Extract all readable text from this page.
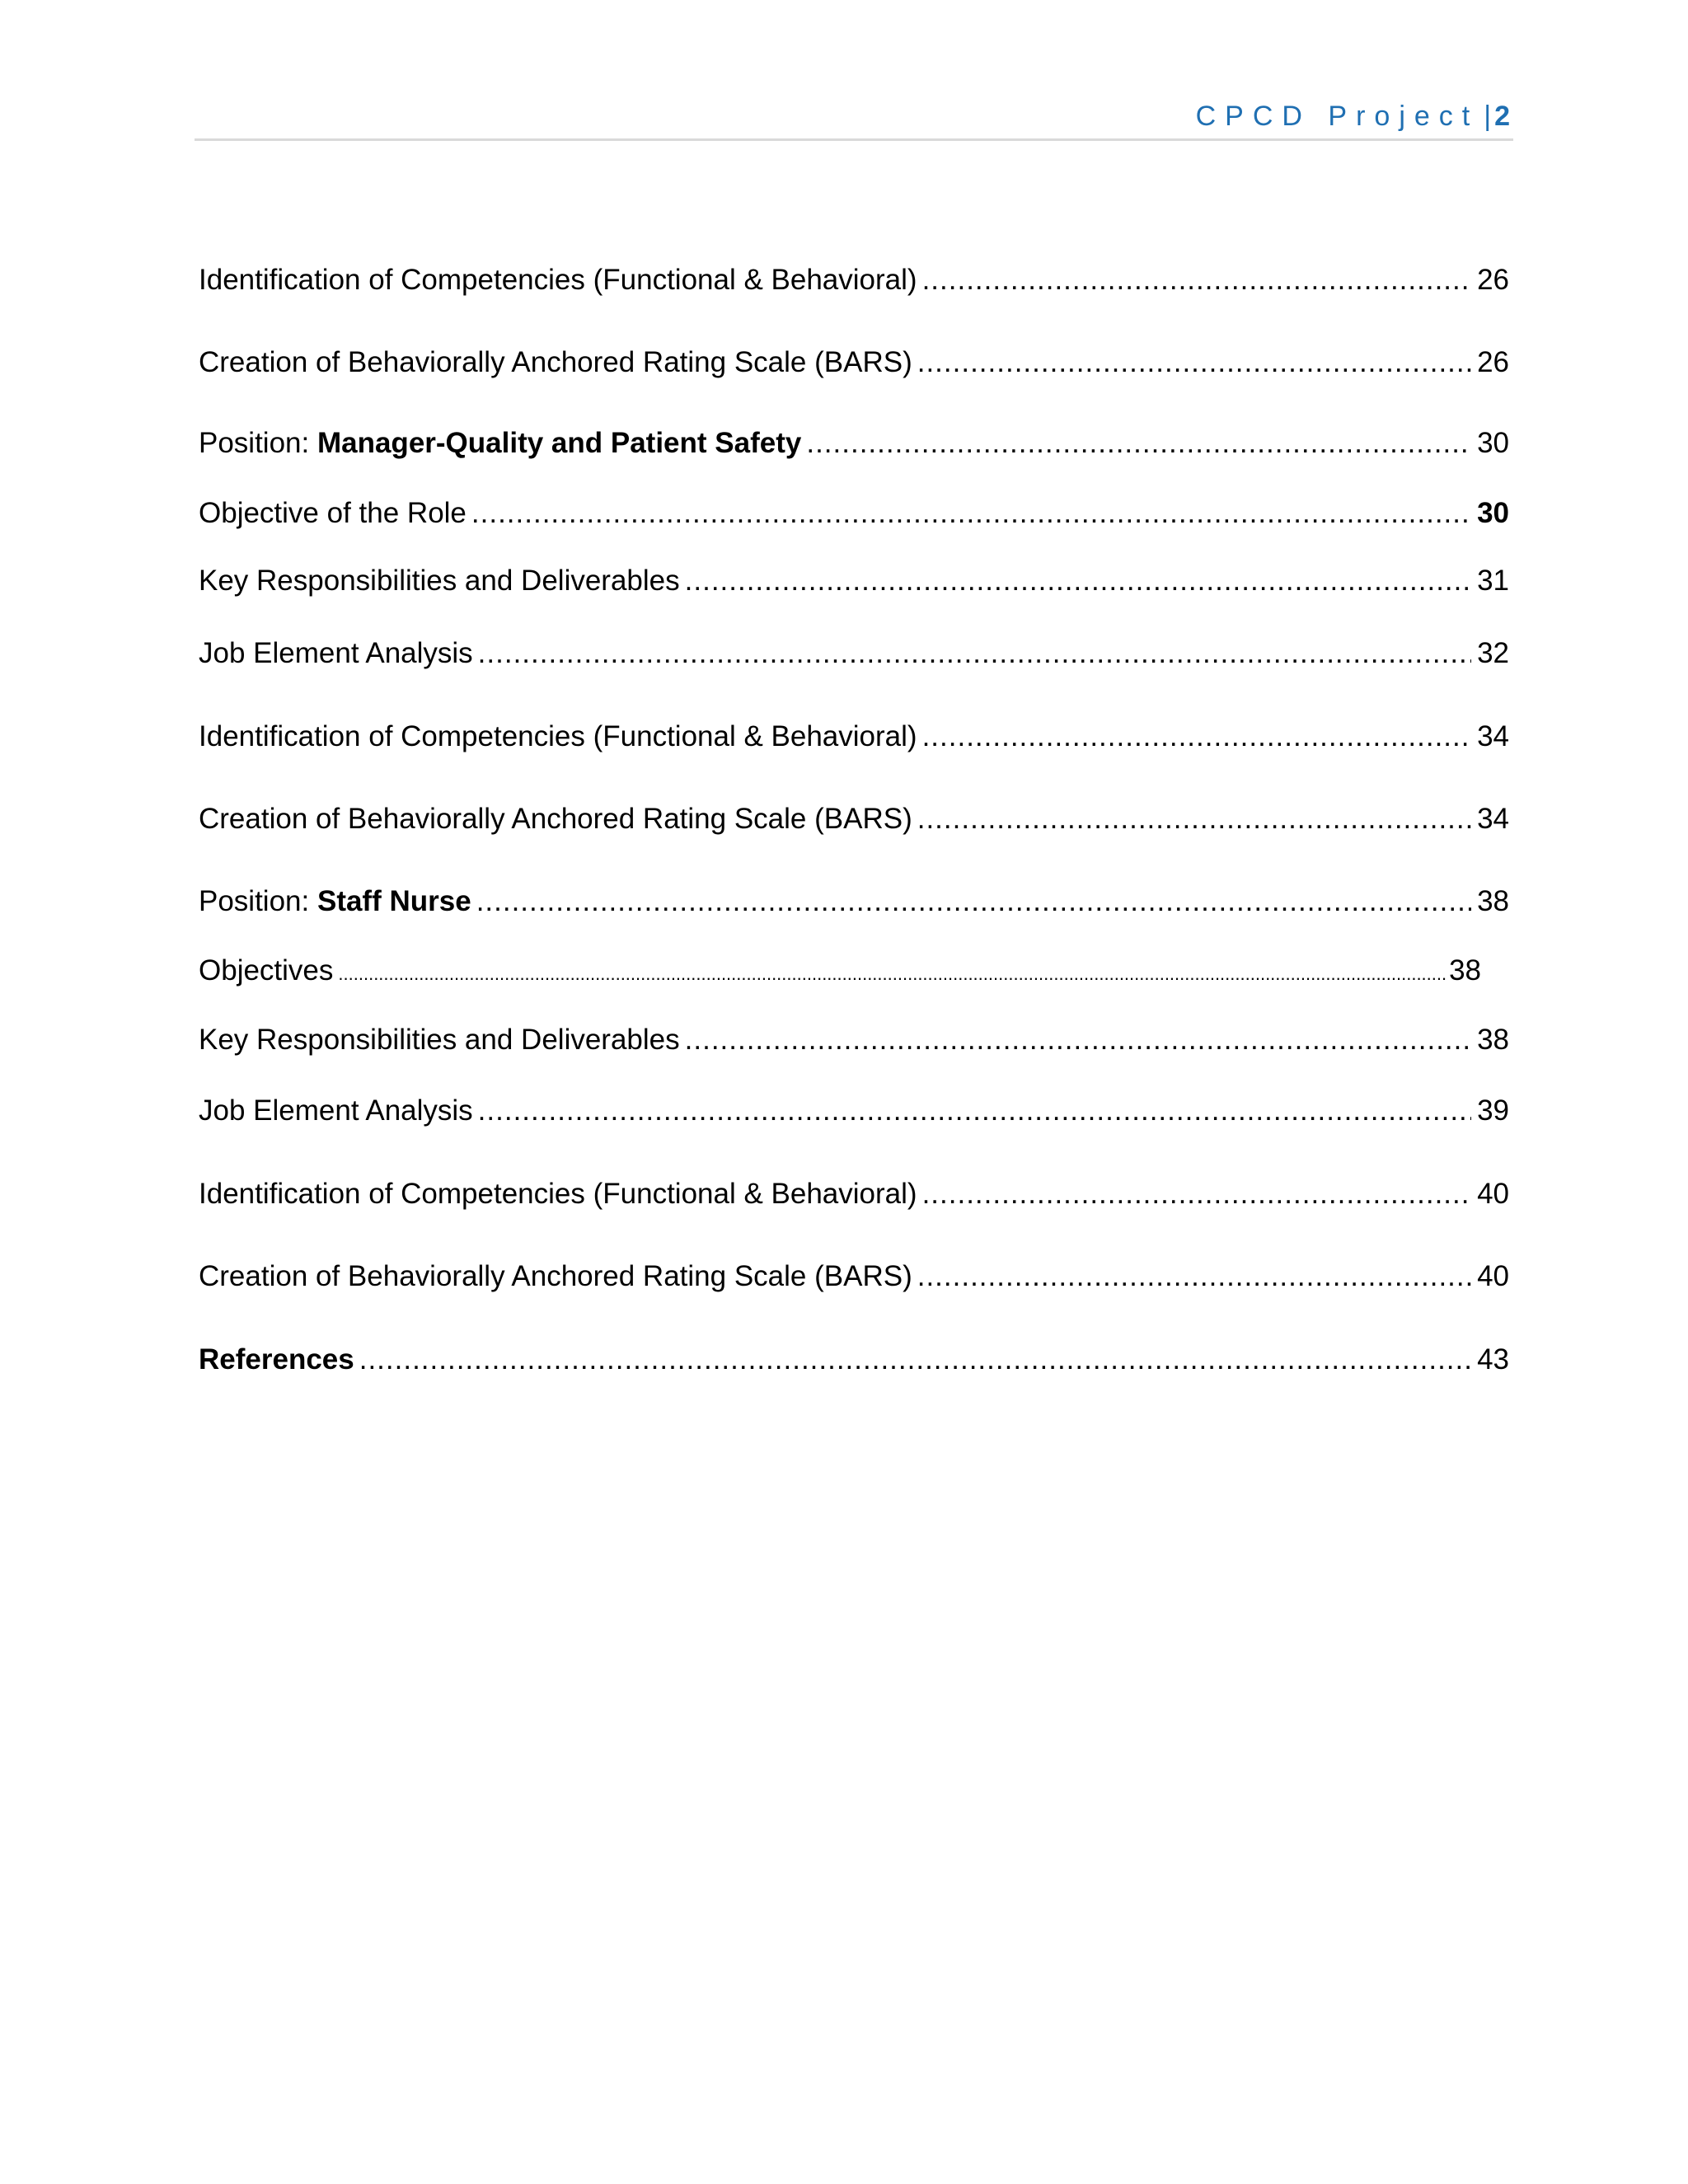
CPCD Project | 2
Identification of Competencies (Functional & Behavioral) .....	26
Creation of Behaviorally Anchored Rating Scale (BARS) .....	26
Position: Manager-Quality and Patient Safety .....	30
Objective of the Role .....	30
Key Responsibilities and Deliverables .....	31
Job Element Analysis .....	32
Identification of Competencies (Functional & Behavioral) .....	34
Creation of Behaviorally Anchored Rating Scale (BARS) .....	34
Position: Staff Nurse .....	38
Objectives .....	38
Key Responsibilities and Deliverables .....	38
Job Element Analysis .....	39
Identification of Competencies (Functional & Behavioral) .....	40
Creation of Behaviorally Anchored Rating Scale (BARS) .....	40
References .....	43
